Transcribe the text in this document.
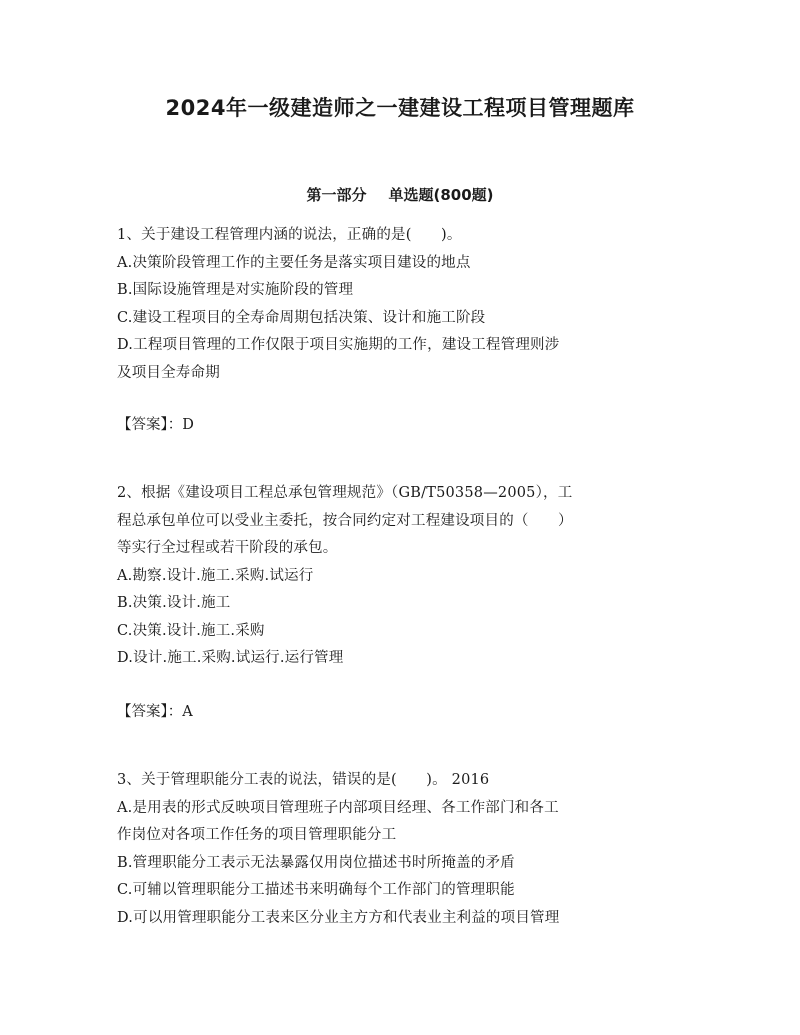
2024年一级建造师之一建建设工程项目管理题库
第一部分 单选题(800题)
1、关于建设工程管理内涵的说法，正确的是(　　)。
A.决策阶段管理工作的主要任务是落实项目建设的地点
B.国际设施管理是对实施阶段的管理
C.建设工程项目的全寿命周期包括决策、设计和施工阶段
D.工程项目管理的工作仅限于项目实施期的工作，建设工程管理则涉
及项目全寿命期
【答案】：D
2、根据《建设项目工程总承包管理规范》（GB/T50358—2005），工
程总承包单位可以受业主委托，按合同约定对工程建设项目的（　　）
等实行全过程或若干阶段的承包。
A.勘察.设计.施工.采购.试运行
B.决策.设计.施工
C.决策.设计.施工.采购
D.设计.施工.采购.试运行.运行管理
【答案】：A
3、关于管理职能分工表的说法，错误的是(　　)。 2016
A.是用表的形式反映项目管理班子内部项目经理、各工作部门和各工
作岗位对各项工作任务的项目管理职能分工
B.管理职能分工表示无法暴露仅用岗位描述书时所掩盖的矛盾
C.可辅以管理职能分工描述书来明确每个工作部门的管理职能
D.可以用管理职能分工表来区分业主方方和代表业主利益的项目管理
